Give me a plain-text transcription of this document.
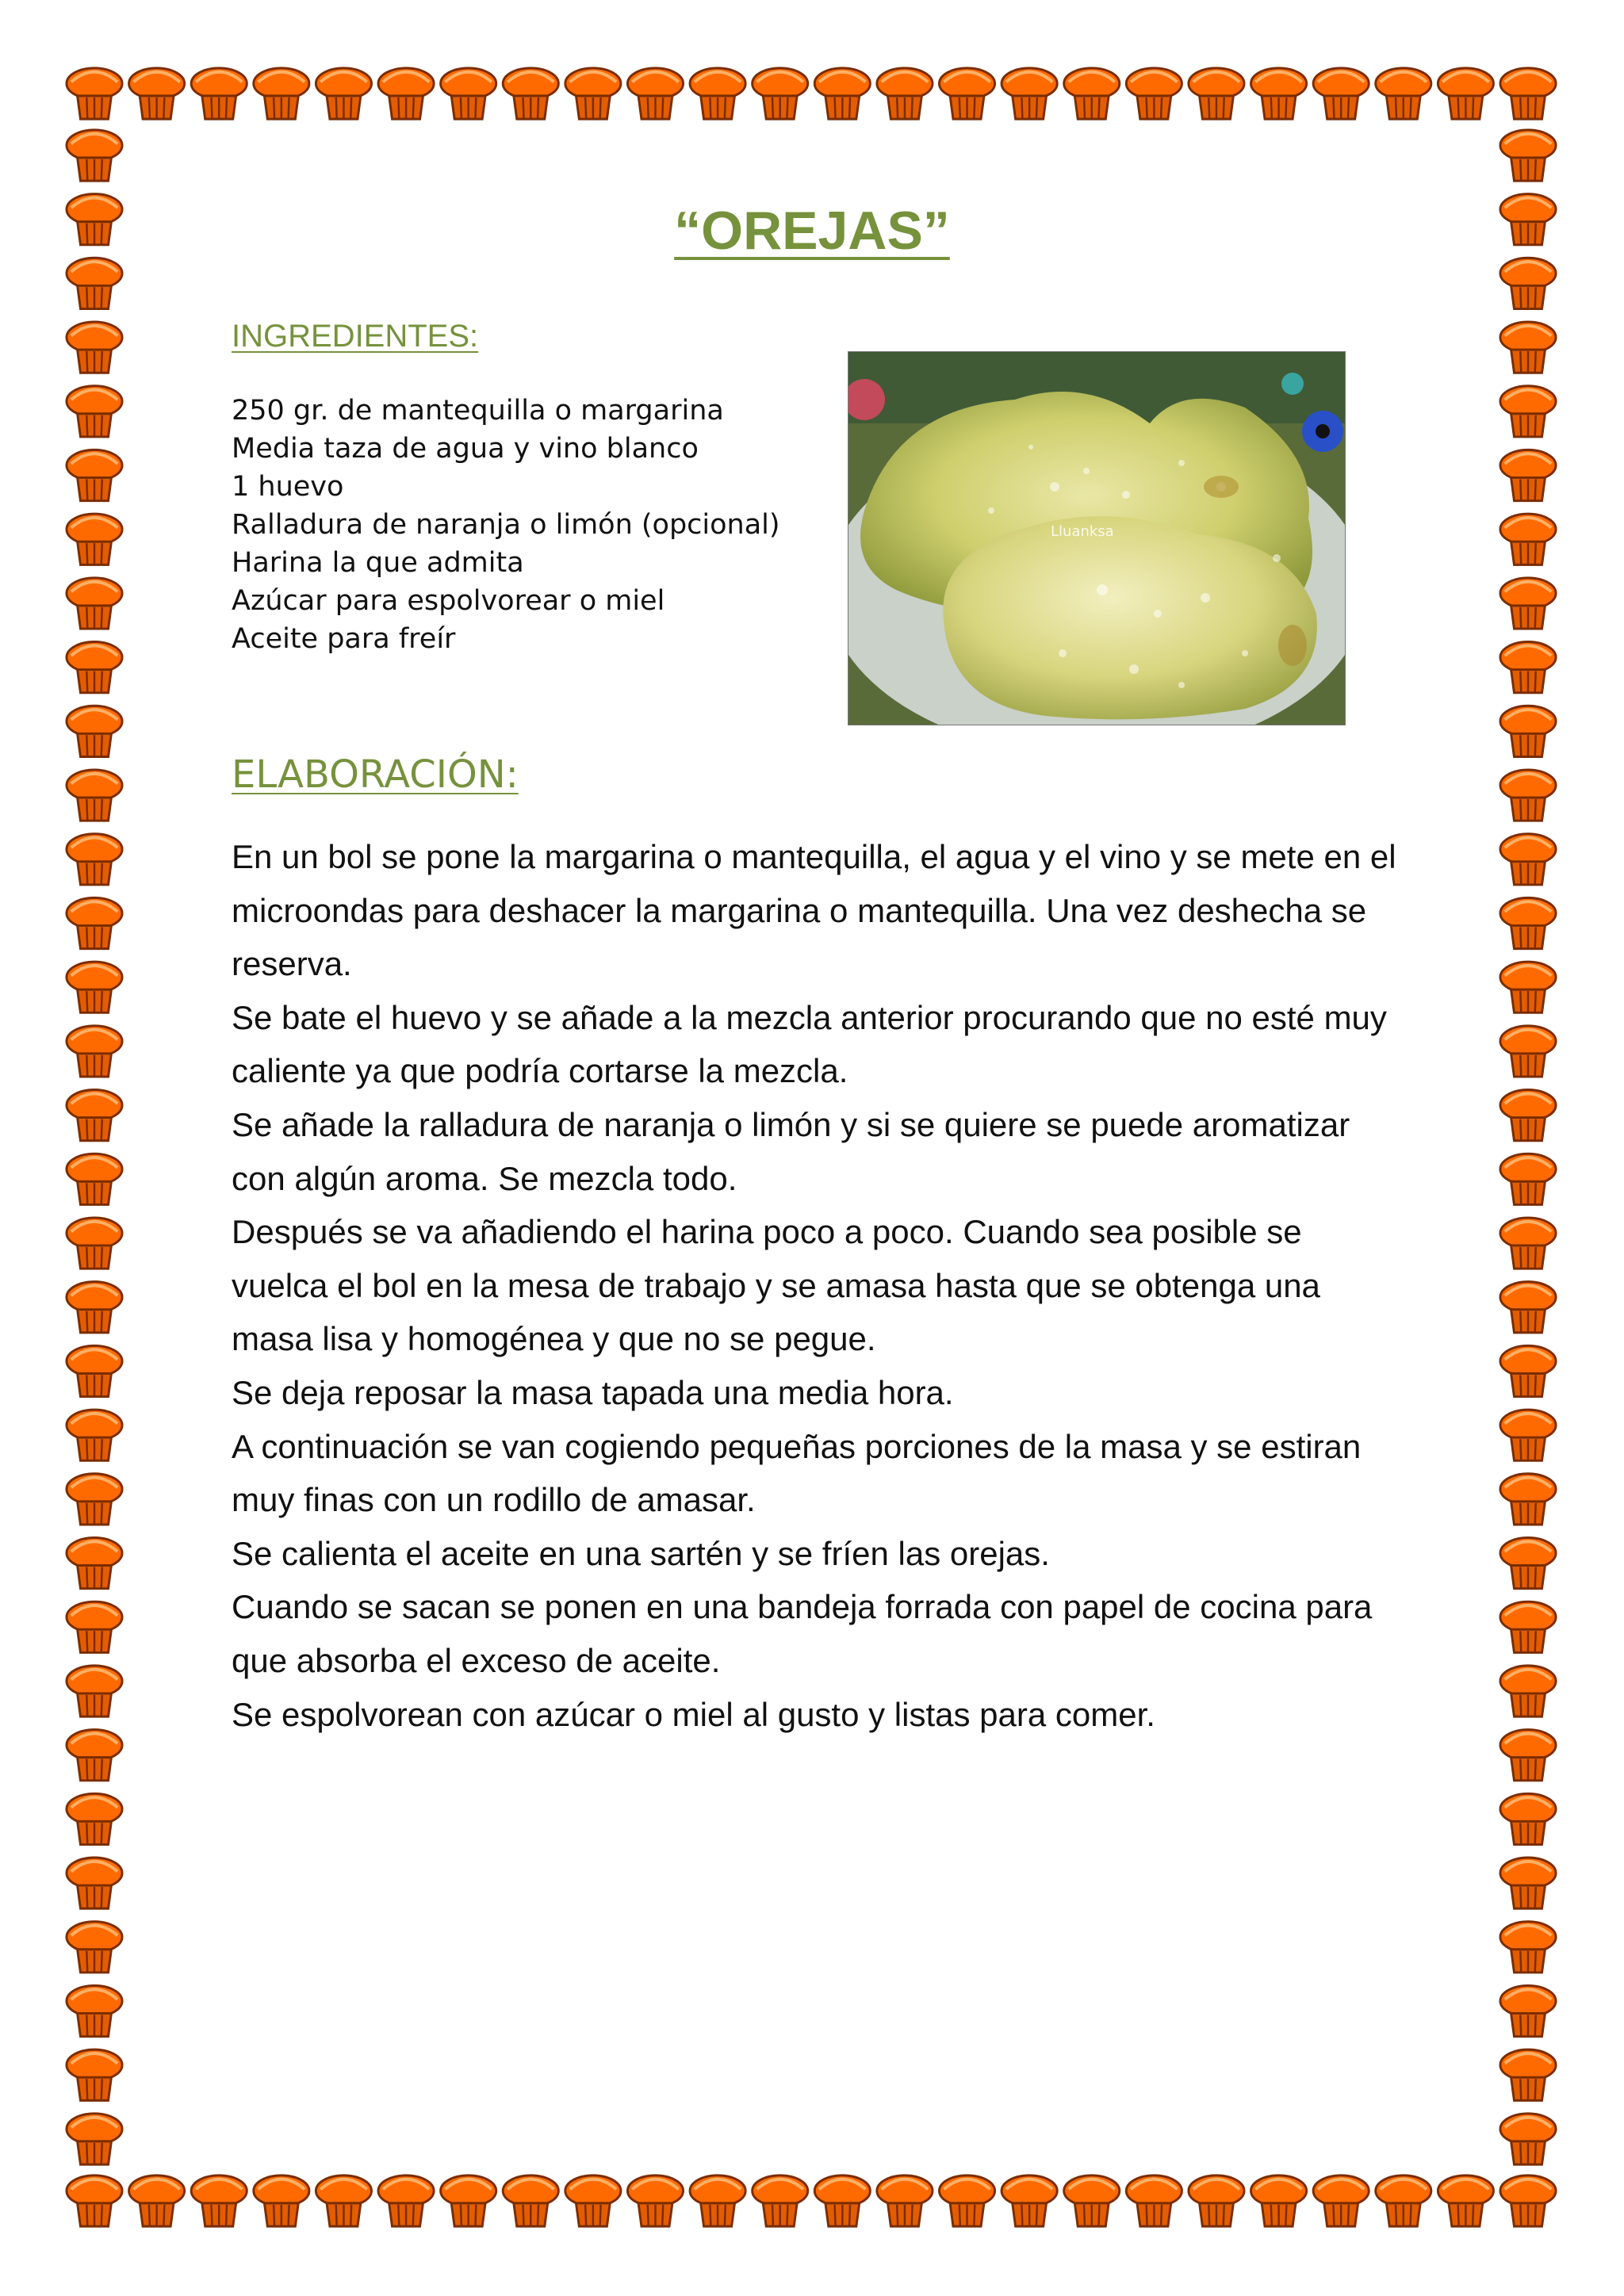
“OREJAS”
INGREDIENTES:
250 gr. de mantequilla o margarina
Media taza de agua y vino blanco
1 huevo
Ralladura de naranja o limón (opcional)
Harina la que admita
Azúcar para espolvorear o miel
Aceite para freír
Lluanksa
ELABORACIÓN:

En un bol se pone la margarina o mantequilla, el agua y el vino y se mete en el microondas para deshacer la margarina o mantequilla. Una vez deshecha se reserva.

Se bate el huevo y se añade a la mezcla anterior procurando que no esté muy caliente ya que podría cortarse la mezcla.

Se añade la ralladura de naranja o limón y si se quiere se puede aromatizar con algún aroma. Se mezcla todo.

Después se va añadiendo el harina poco a poco. Cuando sea posible se vuelca el bol en la mesa de trabajo y se amasa hasta que se obtenga una masa lisa y homogénea y que no se pegue.

Se deja reposar la masa tapada una media hora.

A continuación se van cogiendo pequeñas porciones de la masa y se estiran muy finas con un rodillo de amasar.

Se calienta el aceite en una sartén y se fríen las orejas.

Cuando se sacan se ponen en una bandeja forrada con papel de cocina para que absorba el exceso de aceite.

Se espolvorean con azúcar o miel al gusto y listas para comer.
